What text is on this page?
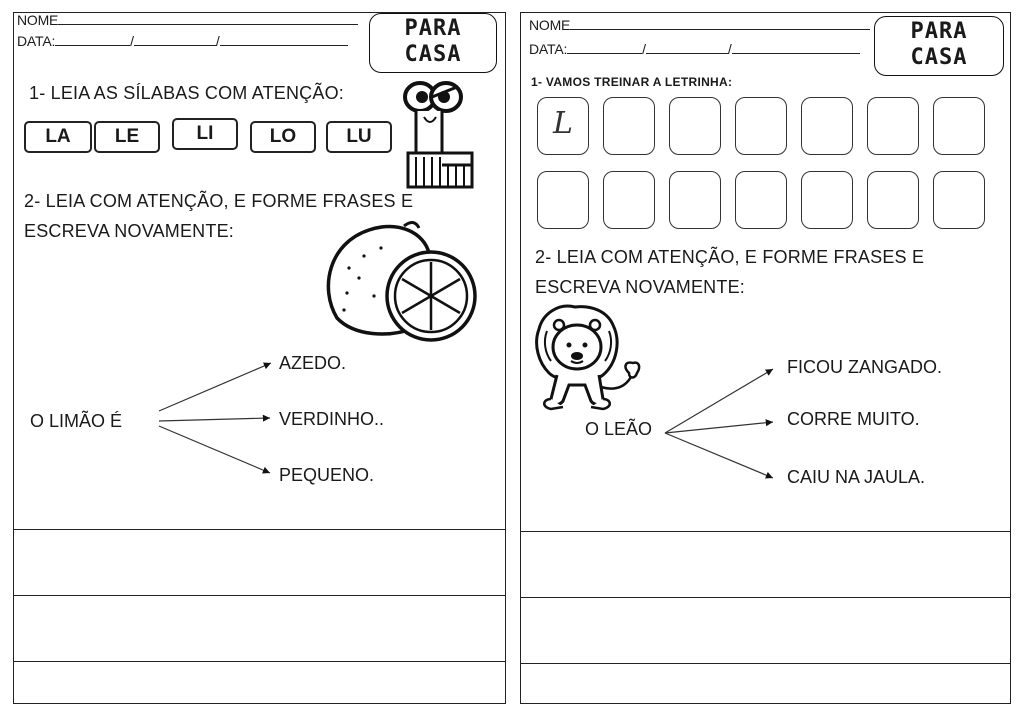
NOME
DATA:	/	/	PARA
CASA
1- LEIA AS SÍLABAS COM ATENÇÃO:
LA	LE	LI	LO	LU
2- LEIA COM ATENÇÃO, E FORME FRASES E
ESCREVA NOVAMENTE:
O LIMÃO É
AZEDO.
VERDINHO..
PEQUENO.
NOME
DATA:	/	/
PARA
CASA
1- VAMOS TREINAR A LETRINHA:
L
2- LEIA COM ATENÇÃO, E FORME FRASES E
ESCREVA NOVAMENTE:
O LEÃO
FICOU ZANGADO.
CORRE MUITO.
CAIU NA JAULA.
